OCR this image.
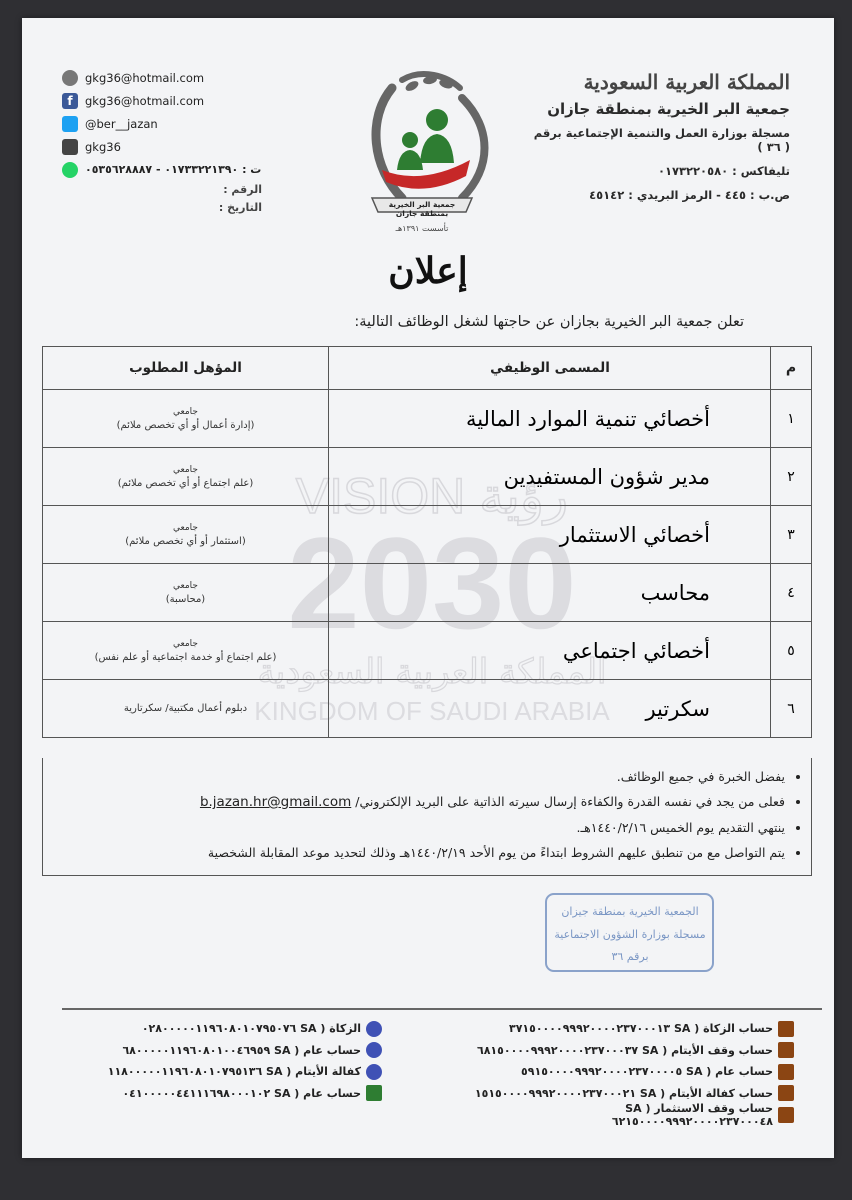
المملكة العربية السعودية
جمعية البر الخيرية بمنطقة جازان
مسجلة بوزارة العمل والتنمية الإجتماعية برقم ( ٣٦ )
تليفاكس : ٠١٧٣٢٢٠٥٨٠
ص.ب : ٤٤٥ - الرمز البريدي : ٤٥١٤٢
جمعية البر الخيرية بمنطقة جازان
تأسست ١٣٩١هـ
gkg36@hotmail.com
f	gkg36@hotmail.com
@ber__jazan
gkg36
ت : ٠١٧٣٣٢٢١٣٩٠ - ٠٥٣٥٦٢٨٨٨٧
الرقم :
التاريخ :
إعلان
تعلن جمعية البر الخيرية بجازان عن حاجتها لشغل الوظائف التالية:
VISION رؤية
2030
المملكة العربية السعودية
KINGDOM OF SAUDI ARABIA
م	المسمى الوظيفي	المؤهل المطلوب
١	أخصائي تنمية الموارد المالية	جامعي
(إدارة أعمال أو أي تخصص ملائم)

٢	مدير شؤون المستفيدين	جامعي
(علم اجتماع أو أي تخصص ملائم)

٣	أخصائي الاستثمار	جامعي
(استثمار أو أي تخصص ملائم)

٤	محاسب	جامعي
(محاسبة)

٥	أخصائي اجتماعي	جامعي
(علم اجتماع أو خدمة اجتماعية أو علم نفس)

٦	سكرتير	دبلوم أعمال مكتبية/ سكرتارية
• يفضل الخبرة في جميع الوظائف.
• فعلى من يجد في نفسه القدرة والكفاءة إرسال سيرته الذاتية على البريد الإلكتروني/ b.jazan.hr@gmail.com
• ينتهي التقديم يوم الخميس ١٤٤٠/٢/١٦هـ.
• يتم التواصل مع من تنطبق عليهم الشروط ابتداءً من يوم الأحد ١٤٤٠/٢/١٩هـ وذلك لتحديد موعد المقابلة الشخصية
الجمعية الخيرية بمنطقة جيزان
مسجلة بوزارة الشؤون الاجتماعية
برقم ٣٦
حساب الزكاة ( SA ٣٧١٥٠٠٠٠٩٩٩٢٠٠٠٠٢٣٧٠٠٠١٣
حساب وقف الأيتام ( SA ٦٨١٥٠٠٠٠٩٩٩٢٠٠٠٠٢٣٧٠٠٠٣٧
حساب عام ( SA ٥٩١٥٠٠٠٠٩٩٩٢٠٠٠٠٢٣٧٠٠٠٠٥
حساب كفالة الأيتام ( SA ١٥١٥٠٠٠٠٩٩٩٢٠٠٠٠٢٣٧٠٠٠٢١
حساب وقف الاستثمار ( SA ٦٢١٥٠٠٠٠٩٩٩٢٠٠٠٠٢٣٧٠٠٠٤٨
الزكاة ( SA ٠٢٨٠٠٠٠٠١١٩٦٠٨٠١٠٧٩٥٠٧٦
حساب عام ( SA ٦٨٠٠٠٠٠١١٩٦٠٨٠١٠٠٤٦٩٥٩
كفالة الأيتام ( SA ١١٨٠٠٠٠٠١١٩٦٠٨٠١٠٧٩٥١٣٦
حساب عام ( SA ٠٤١٠٠٠٠٠٤٤١١١٦٩٨٠٠٠١٠٢
